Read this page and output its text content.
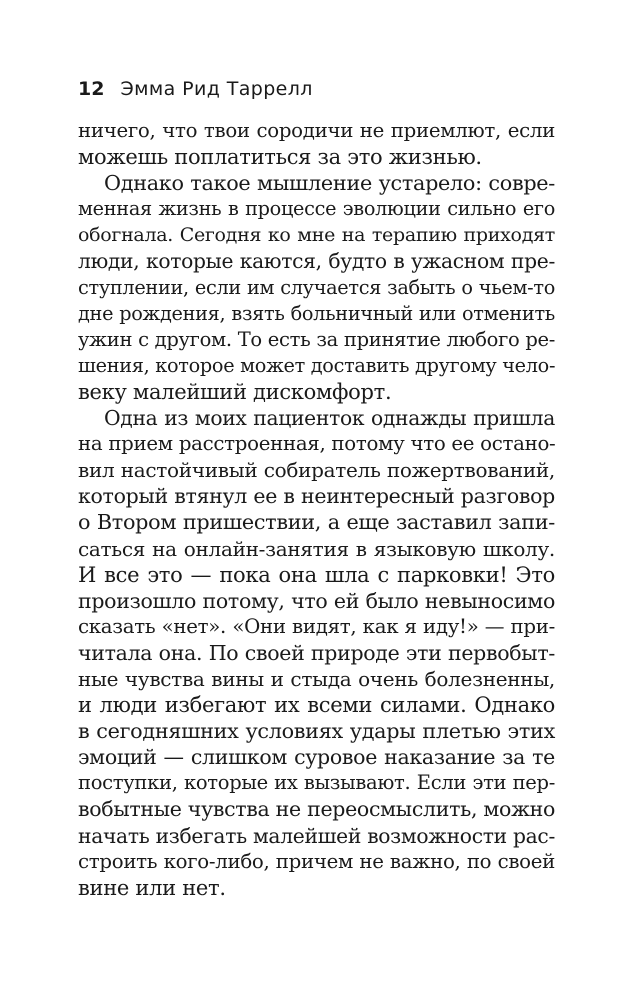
12 Эмма Рид Таррелл
ничего, что твои сородичи не приемлют, если
можешь поплатиться за это жизнью.
Однако такое мышление устарело: совре-
менная жизнь в процессе эволюции сильно его
обогнала. Сегодня ко мне на терапию приходят
люди, которые каются, будто в ужасном пре-
ступлении, если им случается забыть о чьем-то
дне рождения, взять больничный или отменить
ужин с другом. То есть за принятие любого ре-
шения, которое может доставить другому чело-
веку малейший дискомфорт.
Одна из моих пациенток однажды пришла
на прием расстроенная, потому что ее остано-
вил настойчивый собиратель пожертвований,
который втянул ее в неинтересный разговор
о Втором пришествии, а еще заставил запи-
саться на онлайн-занятия в языковую школу.
И все это — пока она шла с парковки! Это
произошло потому, что ей было невыносимо
сказать «нет». «Они видят, как я иду!» — при-
читала она. По своей природе эти первобыт-
ные чувства вины и стыда очень болезненны,
и люди избегают их всеми силами. Однако
в сегодняшних условиях удары плетью этих
эмоций — слишком суровое наказание за те
поступки, которые их вызывают. Если эти пер-
вобытные чувства не переосмыслить, можно
начать избегать малейшей возможности рас-
строить кого-либо, причем не важно, по своей
вине или нет.
